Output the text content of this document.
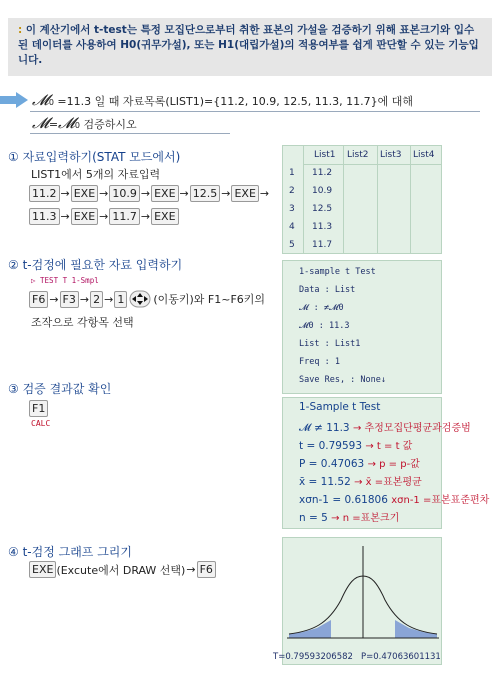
: 이 계산기에서 t-test는 특정 모집단으로부터 취한 표본의 가설을 검증하기 위해 표본크기와 입수된 데이터를 사용하여 H0(귀무가설), 또는 H1(대립가설)의 적용여부를 쉽게 판단할 수 있는 기능입니다.
𝓜0 =11.3 일 때 자료목록(LIST1)={11.2, 10.9, 12.5, 11.3, 11.7}에 대해
𝓜=𝓜0 검증하시오
① 자료입력하기(STAT 모드에서)
LIST1에서 5개의 자료입력
11.2 → EXE → 10.9 → EXE → 12.5 → EXE →
11.3 → EXE → 11.7 → EXE
② t-검정에 필요한 자료 입력하기
▷ TEST T 1-Smpl
F6 → F3 → 2 → 1	(이동키)와 F1~F6키의
조작으로 각항목 선택
③ 검증 결과값 확인
F1
CALC
④ t-검정 그래프 그리기
EXE (Excute에서 DRAW 선택) → F6
List1 List2 List3 List4
1
2
3
4
5
11.2
10.9
12.5
11.3
11.7
1-sample t Test
Data : List
𝓜 : ≠𝓜0
𝓜0 : 11.3
List : List1
Freq : 1
Save Res, : None↓
1-Sample t Test
𝓜 ≠ 11.3 → 추정모집단평균과검증범
t = 0.79593 → t = t 값
P = 0.47063 → p = p-값
x̄ = 11.52 → x̄ =표본평균
xσn-1 = 0.61806 xσn-1 =표본표준편차
n = 5 → n =표본크기
T=0.79593206582 P=0.47063601131
